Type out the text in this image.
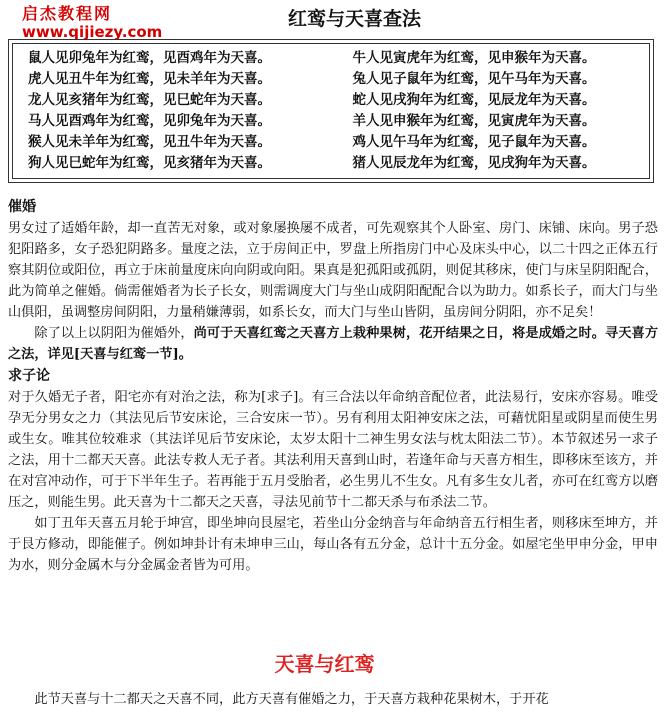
启杰教程网
www.qijiezy.com
红鸾与天喜查法
鼠人见卯兔年为红鸾，见酉鸡年为天喜。
虎人见丑牛年为红鸾，见未羊年为天喜。
龙人见亥猪年为红鸾，见巳蛇年为天喜。
马人见酉鸡年为红鸾，见卯兔年为天喜。
猴人见未羊年为红鸾，见丑牛年为天喜。
狗人见巳蛇年为红鸾，见亥猪年为天喜。
牛人见寅虎年为红鸾，见申猴年为天喜。
兔人见子鼠年为红鸾，见午马年为天喜。
蛇人见戌狗年为红鸾，见辰龙年为天喜。
羊人见申猴年为红鸾，见寅虎年为天喜。
鸡人见午马年为红鸾，见子鼠年为天喜。
猪人见辰龙年为红鸾，见戌狗年为天喜。
催婚
男女过了适婚年龄，却一直苦无对象，或对象屡换屡不成者，可先观察其个人卧室、房门、床铺、床向。男子恐犯阳路多，女子恐犯阴路多。量度之法，立于房间正中，罗盘上所指房门中心及床头中心，以二十四之正体五行察其阴位或阳位，再立于床前量度床向向阴或向阳。果真是犯孤阳或孤阴，则促其移床，使门与床呈阴阳配合，此为简单之催婚。倘需催婚者为长子长女，则需调度大门与坐山成阴阳配配合以为助力。如系长子，而大门与坐山俱阳，虽调整房间阴阳，力量稍嫌薄弱，如系长女，而大门与坐山皆阴，虽房间分阴阳，亦不足矣！
除了以上以阴阳为催婚外，尚可于天喜红鸾之天喜方上栽种果树，花开结果之日，将是成婚之时。寻天喜方之法，详见[天喜与红鸾一节]。
求子论
对于久婚无子者，阳宅亦有对治之法，称为[求子]。有三合法以年命纳音配位者，此法易行，安床亦容易。唯受孕无分男女之力（其法见后节安床论，三合安床一节）。另有利用太阳神安床之法，可藉忧阳星或阴星而使生男或生女。唯其位较难求（其法详见后节安床论，太岁太阳十二神生男女法与枕太阳法二节）。本节叙述另一求子之法，用十二都天天喜。此法专救人无子者。其法利用天喜到山时，若逢年命与天喜方相生，即移床至该方，并在对宫冲动作，可于下半年生子。若再能于五月受胎者，必生男儿不生女。凡有多生女儿者，亦可在红鸾方以磨压之，则能生男。此天喜为十二都天之天喜，寻法见前节十二都天杀与布杀法二节。
如丁丑年天喜五月轮于坤宫，即坐坤向艮屋宅，若坐山分金纳音与年命纳音五行相生者，则移床至坤方，并于艮方修动，即能催子。例如坤卦计有未坤申三山，每山各有五分金，总计十五分金。如屋宅坐甲申分金，甲申为水，则分金属木与分金属金者皆为可用。
天喜与红鸾
此节天喜与十二都天之天喜不同，此方天喜有催婚之力，于天喜方栽种花果树木，于开花
